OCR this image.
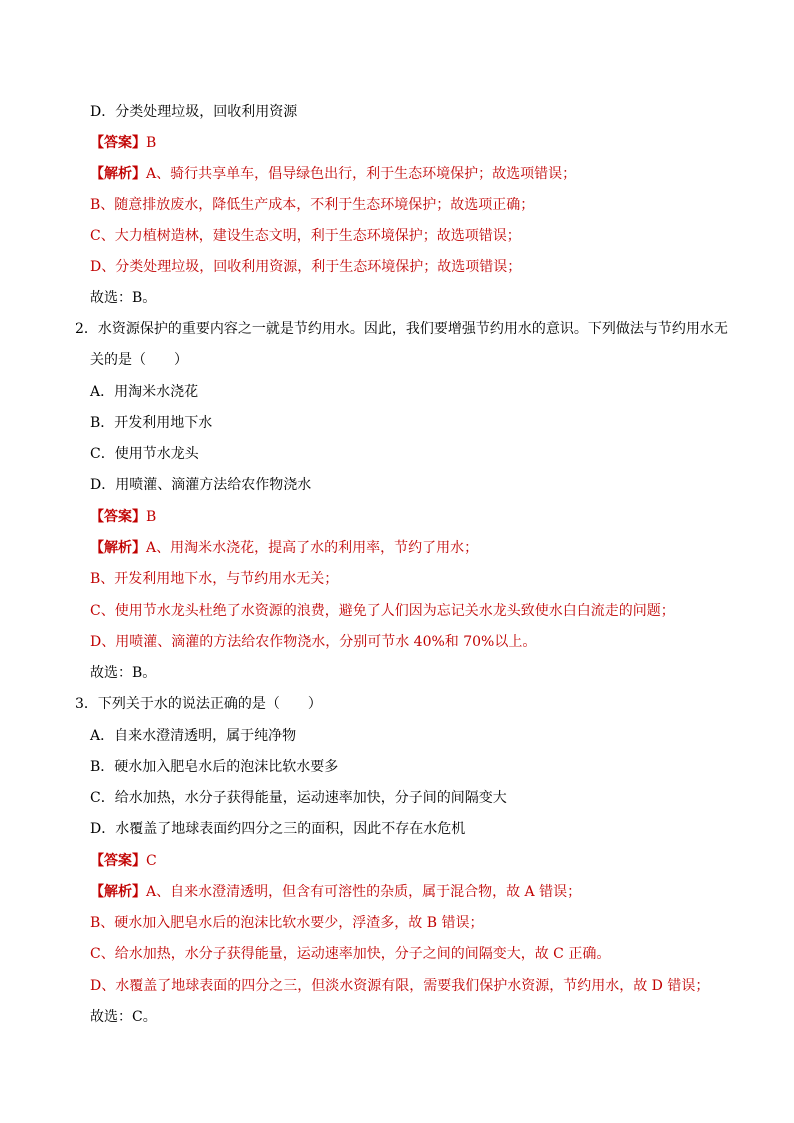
D．分类处理垃圾，回收利用资源
【答案】B
【解析】A、骑行共享单车，倡导绿色出行，利于生态环境保护；故选项错误；
B、随意排放废水，降低生产成本，不利于生态环境保护；故选项正确；
C、大力植树造林，建设生态文明，利于生态环境保护；故选项错误；
D、分类处理垃圾，回收利用资源，利于生态环境保护；故选项错误；
故选：B。
2．水资源保护的重要内容之一就是节约用水。因此，我们要增强节约用水的意识。下列做法与节约用水无
关的是（　　）
A．用淘米水浇花
B．开发利用地下水
C．使用节水龙头
D．用喷灌、滴灌方法给农作物浇水
【答案】B
【解析】A、用淘米水浇花，提高了水的利用率，节约了用水；
B、开发利用地下水，与节约用水无关；
C、使用节水龙头杜绝了水资源的浪费，避免了人们因为忘记关水龙头致使水白白流走的问题；
D、用喷灌、滴灌的方法给农作物浇水，分别可节水 40%和 70%以上。
故选：B。
3．下列关于水的说法正确的是（　　）
A．自来水澄清透明，属于纯净物
B．硬水加入肥皂水后的泡沫比软水要多
C．给水加热，水分子获得能量，运动速率加快，分子间的间隔变大
D．水覆盖了地球表面约四分之三的面积，因此不存在水危机
【答案】C
【解析】A、自来水澄清透明，但含有可溶性的杂质，属于混合物，故 A 错误；
B、硬水加入肥皂水后的泡沫比软水要少，浮渣多，故 B 错误；
C、给水加热，水分子获得能量，运动速率加快，分子之间的间隔变大，故 C 正确。
D、水覆盖了地球表面的四分之三，但淡水资源有限，需要我们保护水资源，节约用水，故 D 错误；
故选：C。
